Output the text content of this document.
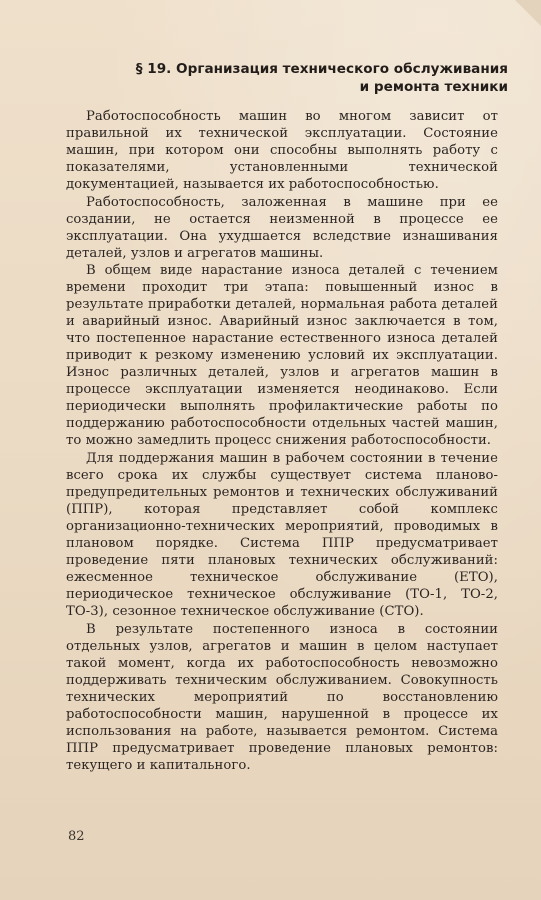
§ 19. Организация технического обслуживания
и ремонта техники

Работоспособность машин во многом зависит от правильной их технической эксплуатации. Состояние машин, при котором они способны выполнять работу с показателями, установленными технической документацией, называется их работоспособностью.

Работоспособность, заложенная в машине при ее создании, не остается неизменной в процессе ее эксплуатации. Она ухудшается вследствие изнашивания деталей, узлов и агрегатов машины.

В общем виде нарастание износа деталей с течением времени проходит три этапа: повышенный износ в результате приработки деталей, нормальная работа деталей и аварийный износ. Аварийный износ заключается в том, что постепенное нарастание естественного износа деталей приводит к резкому изменению условий их эксплуатации. Износ различных деталей, узлов и агрегатов машин в процессе эксплуатации изменяется неодинаково. Если периодически выполнять профилактические работы по поддержанию работоспособности отдельных частей машин, то можно замедлить процесс снижения работоспособности.

Для поддержания машин в рабочем состоянии в течение всего срока их службы существует система планово-предупредительных ремонтов и технических обслуживаний (ППР), которая представляет собой комплекс организационно-технических мероприятий, проводимых в плановом порядке. Система ППР предусматривает проведение пяти плановых технических обслуживаний: ежесменное техническое обслуживание (ЕТО), периодическое техническое обслуживание (ТО-1, ТО-2, ТО-3), сезонное техническое обслуживание (СТО).

В результате постепенного износа в состоянии отдельных узлов, агрегатов и машин в целом наступает такой момент, когда их работоспособность невозможно поддерживать техническим обслуживанием. Совокупность технических мероприятий по восстановлению работоспособности машин, нарушенной в процессе их использования на работе, называется ремонтом. Система ППР предусматривает проведение плановых ремонтов: текущего и капитального.

82
